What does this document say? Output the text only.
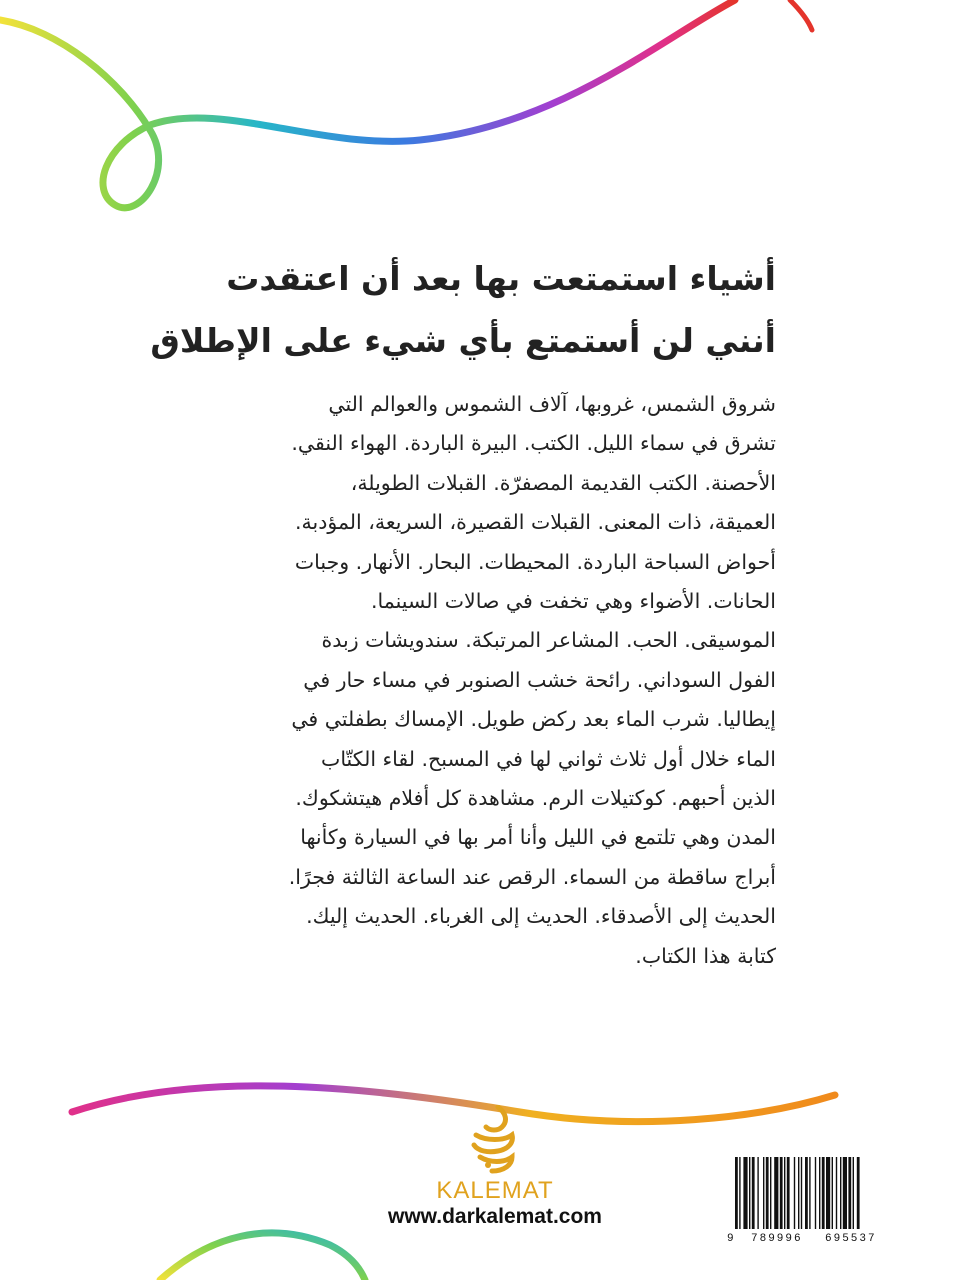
أشياء استمتعت بها بعد أن اعتقدت
أنني لن أستمتع بأي شيء على الإطلاق
شروق الشمس، غروبها، آلاف الشموس والعوالم التي
تشرق في سماء الليل. الكتب. البيرة الباردة. الهواء النقي.
الأحصنة. الكتب القديمة المصفرّة. القبلات الطويلة،
العميقة، ذات المعنى. القبلات القصيرة، السريعة، المؤدبة.
أحواض السباحة الباردة. المحيطات. البحار. الأنهار. وجبات
الحانات. الأضواء وهي تخفت في صالات السينما.
الموسيقى. الحب. المشاعر المرتبكة. سندويشات زبدة
الفول السوداني. رائحة خشب الصنوبر في مساء حار في
إيطاليا. شرب الماء بعد ركض طويل. الإمساك بطفلتي في
الماء خلال أول ثلاث ثواني لها في المسبح. لقاء الكتّاب
الذين أحبهم. كوكتيلات الرم. مشاهدة كل أفلام هيتشكوك.
المدن وهي تلتمع في الليل وأنا أمر بها في السيارة وكأنها
أبراج ساقطة من السماء. الرقص عند الساعة الثالثة فجرًا.
الحديث إلى الأصدقاء. الحديث إلى الغرباء. الحديث إليك.
كتابة هذا الكتاب.
KALEMAT
www.darkalemat.com
9 789996 695537
